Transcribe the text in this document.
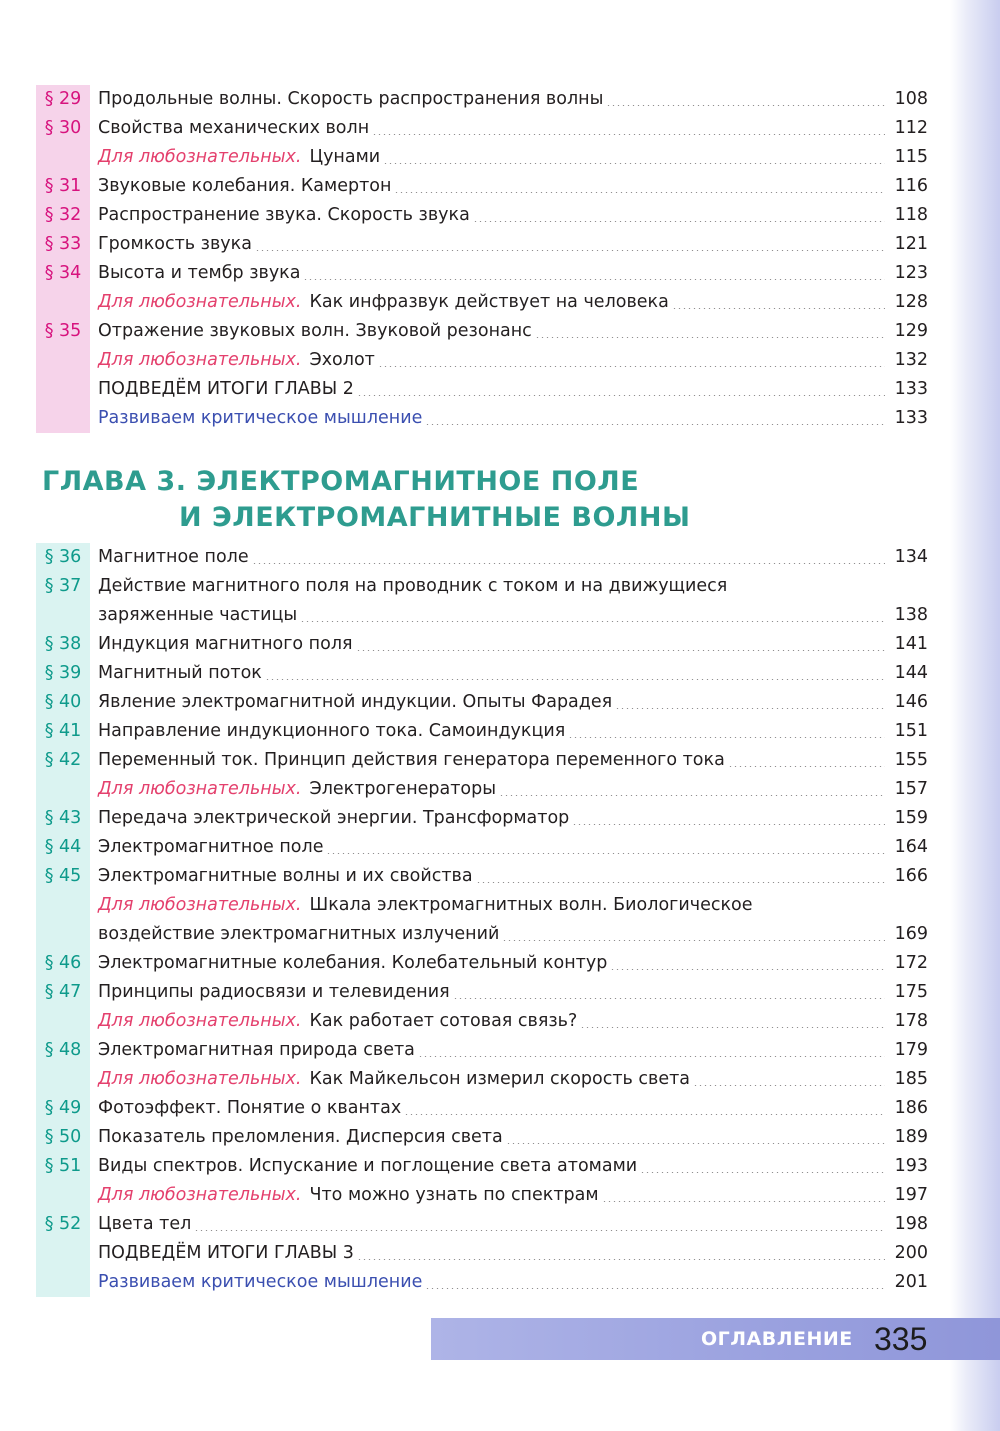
§ 29 Продольные волны. Скорость распространения волны	108
§ 30 Свойства механических волн	112
Для любознательных. Цунами	115
§ 31 Звуковые колебания. Камертон	116
§ 32 Распространение звука. Скорость звука	118
§ 33 Громкость звука	121
§ 34 Высота и тембр звука	123
Для любознательных. Как инфразвук действует на человека	128
§ 35 Отражение звуковых волн. Звуковой резонанс	129
Для любознательных. Эхолот	132
ПОДВЕДЁМ ИТОГИ ГЛАВЫ 2	133
Развиваем критическое мышление	133
ГЛАВА 3. ЭЛЕКТРОМАГНИТНОЕ ПОЛЕ
И ЭЛЕКТРОМАГНИТНЫЕ ВОЛНЫ
§ 36 Магнитное поле	134
§ 37 Действие магнитного поля на проводник с током и на движущиеся
заряженные частицы	138
§ 38 Индукция магнитного поля	141
§ 39 Магнитный поток	144
§ 40 Явление электромагнитной индукции. Опыты Фарадея	146
§ 41 Направление индукционного тока. Самоиндукция	151
§ 42 Переменный ток. Принцип действия генератора переменного тока	155
Для любознательных. Электрогенераторы	157
§ 43 Передача электрической энергии. Трансформатор	159
§ 44 Электромагнитное поле	164
§ 45 Электромагнитные волны и их свойства	166
Для любознательных. Шкала электромагнитных волн. Биологическое
воздействие электромагнитных излучений	169
§ 46 Электромагнитные колебания. Колебательный контур	172
§ 47 Принципы радиосвязи и телевидения	175
Для любознательных. Как работает сотовая связь?	178
§ 48 Электромагнитная природа света	179
Для любознательных. Как Майкельсон измерил скорость света	185
§ 49 Фотоэффект. Понятие о квантах	186
§ 50 Показатель преломления. Дисперсия света	189
§ 51 Виды спектров. Испускание и поглощение света атомами	193
Для любознательных. Что можно узнать по спектрам	197
§ 52 Цвета тел	198
ПОДВЕДЁМ ИТОГИ ГЛАВЫ 3	200
Развиваем критическое мышление	201
ОГЛАВЛЕНИЕ 335
